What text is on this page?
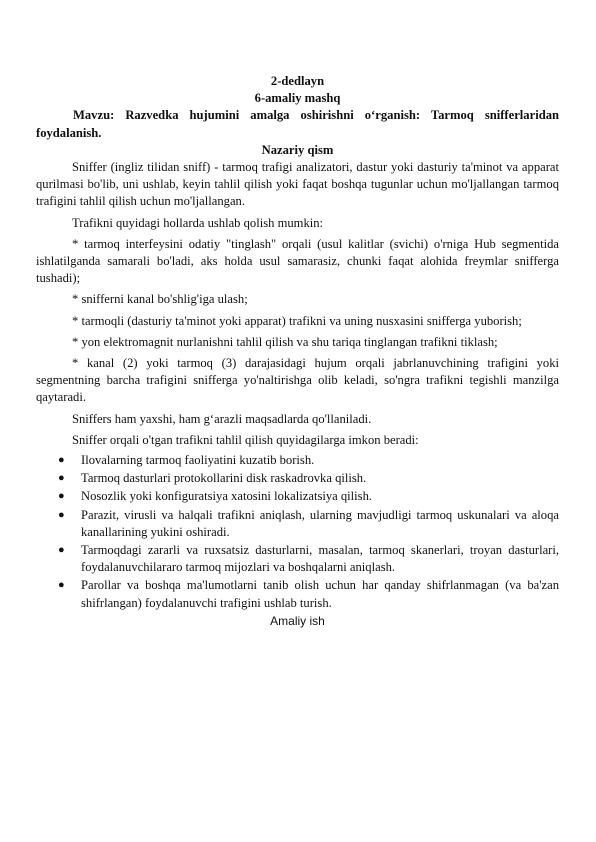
2-dedlayn
6-amaliy mashq
Mavzu: Razvedka hujumini amalga oshirishni o‘rganish: Tarmoq snifferlaridan foydalanish.
Nazariy qism

Sniffer (ingliz tilidan sniff) - tarmoq trafigi analizatori, dastur yoki dasturiy ta'minot va apparat qurilmasi bo'lib, uni ushlab, keyin tahlil qilish yoki faqat boshqa tugunlar uchun mo'ljallangan tarmoq trafigini tahlil qilish uchun mo'ljallangan.

Trafikni quyidagi hollarda ushlab qolish mumkin:

* tarmoq interfeysini odatiy "tinglash" orqali (usul kalitlar (svichi) o'rniga Hub segmentida ishlatilganda samarali bo'ladi, aks holda usul samarasiz, chunki faqat alohida freymlar snifferga tushadi);

* snifferni kanal bo'shlig'iga ulash;

* tarmoqli (dasturiy ta'minot yoki apparat) trafikni va uning nusxasini snifferga yuborish;

* yon elektromagnit nurlanishni tahlil qilish va shu tariqa tinglangan trafikni tiklash;

* kanal (2) yoki tarmoq (3) darajasidagi hujum orqali jabrlanuvchining trafigini yoki segmentning barcha trafigini snifferga yo'naltirishga olib keladi, so'ngra trafikni tegishli manzilga qaytaradi.

Sniffers ham yaxshi, ham g‘arazli maqsadlarda qo'llaniladi.

Sniffer orqali o'tgan trafikni tahlil qilish quyidagilarga imkon beradi:

● Ilovalarning tarmoq faoliyatini kuzatib borish.
● Tarmoq dasturlari protokollarini disk raskadrovka qilish.
● Nosozlik yoki konfiguratsiya xatosini lokalizatsiya qilish.
● Parazit, virusli va halqali trafikni aniqlash, ularning mavjudligi tarmoq uskunalari va aloqa kanallarining yukini oshiradi.
● Tarmoqdagi zararli va ruxsatsiz dasturlarni, masalan, tarmoq skanerlari, troyan dasturlari, foydalanuvchilararo tarmoq mijozlari va boshqalarni aniqlash.
● Parollar va boshqa ma'lumotlarni tanib olish uchun har qanday shifrlanmagan (va ba'zan shifrlangan) foydalanuvchi trafigini ushlab turish.
Amaliy ish
